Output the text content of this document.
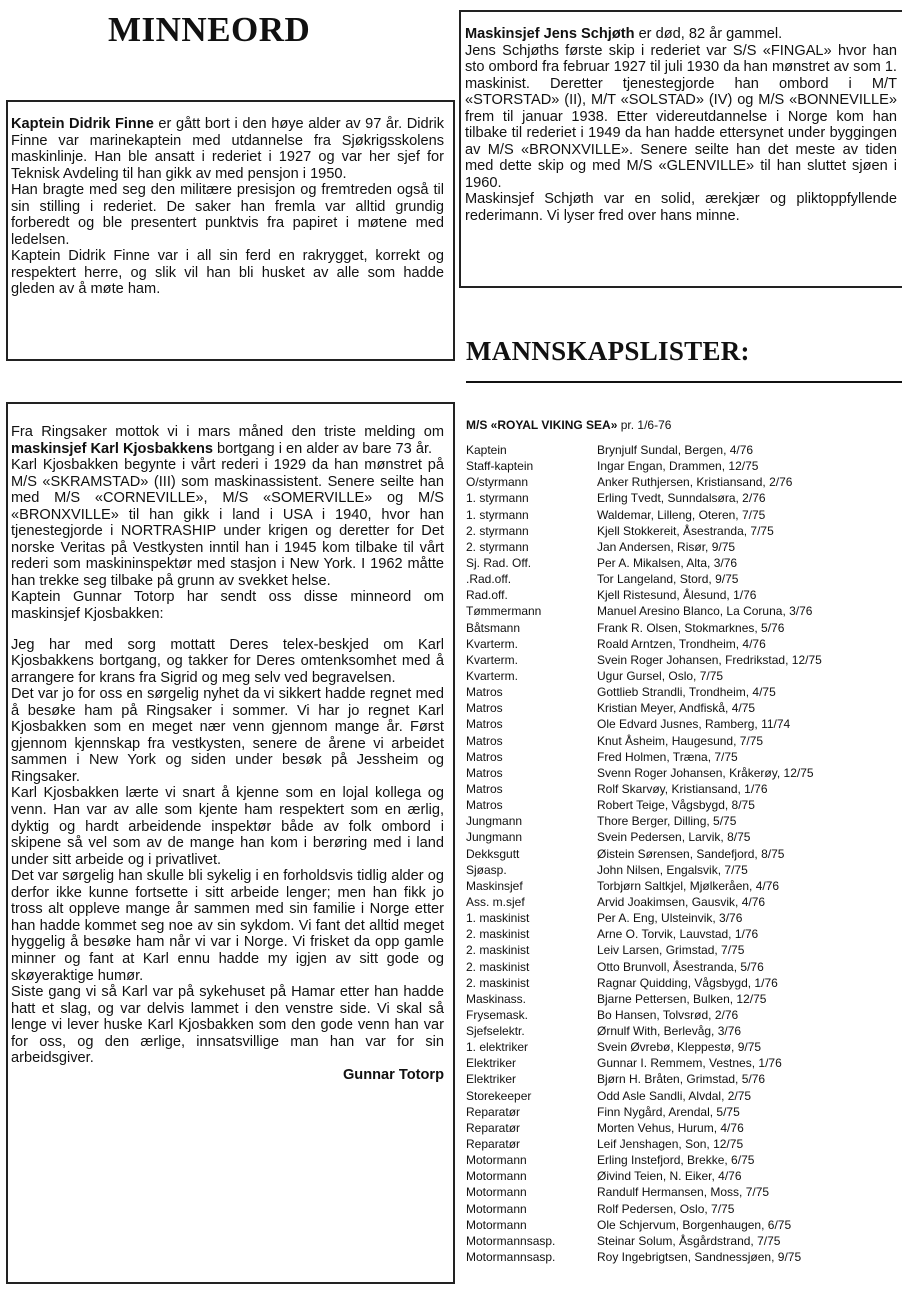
MINNEORD
MANNSKAPSLISTER:

Kaptein Didrik Finne er gått bort i den høye alder av 97 år. Didrik Finne var marinekaptein med utdannelse fra Sjøkrigsskolens maskinlinje. Han ble ansatt i rederiet i 1927 og var her sjef for Teknisk Avdeling til han gikk av med pensjon i 1950.

Han bragte med seg den militære presisjon og fremtreden også til sin stilling i rederiet. De saker han fremla var alltid grundig forberedt og ble presentert punktvis fra papiret i møtene med ledelsen.

Kaptein Didrik Finne var i all sin ferd en rakrygget, korrekt og respektert herre, og slik vil han bli husket av alle som hadde gleden av å møte ham.

Maskinsjef Jens Schjøth er død, 82 år gammel.

Jens Schjøths første skip i rederiet var S/S «FINGAL» hvor han sto ombord fra februar 1927 til juli 1930 da han mønstret av som 1. maskinist. Deretter tjenestegjorde han ombord i M/T «STORSTAD» (II), M/T «SOLSTAD» (IV) og M/S «BONNEVILLE» frem til januar 1938. Etter videreutdannelse i Norge kom han tilbake til rederiet i 1949 da han hadde ettersynet under byggingen av M/S «BRONXVILLE». Senere seilte han det meste av tiden med dette skip og med M/S «GLENVILLE» til han sluttet sjøen i 1960.

Maskinsjef Schjøth var en solid, ærekjær og pliktoppfyllende rederimann. Vi lyser fred over hans minne.

Fra Ringsaker mottok vi i mars måned den triste melding om maskinsjef Karl Kjosbakkens bortgang i en alder av bare 73 år.

Karl Kjosbakken begynte i vårt rederi i 1929 da han mønstret på M/S «SKRAMSTAD» (III) som maskinassistent. Senere seilte han med M/S «CORNEVILLE», M/S «SOMERVILLE» og M/S «BRONXVILLE» til han gikk i land i USA i 1940, hvor han tjenestegjorde i NORTRASHIP under krigen og deretter for Det norske Veritas på Vestkysten inntil han i 1945 kom tilbake til vårt rederi som maskininspektør med stasjon i New York. I 1962 måtte han trekke seg tilbake på grunn av svekket helse.

Kaptein Gunnar Totorp har sendt oss disse minneord om maskinsjef Kjosbakken:

Jeg har med sorg mottatt Deres telex-beskjed om Karl Kjosbakkens bortgang, og takker for Deres omtenksomhet med å arrangere for krans fra Sigrid og meg selv ved begravelsen.

Det var jo for oss en sørgelig nyhet da vi sikkert hadde regnet med å besøke ham på Ringsaker i sommer. Vi har jo regnet Karl Kjosbakken som en meget nær venn gjennom mange år. Først gjennom kjennskap fra vestkysten, senere de årene vi arbeidet sammen i New York og siden under besøk på Jessheim og Ringsaker.

Karl Kjosbakken lærte vi snart å kjenne som en lojal kollega og venn. Han var av alle som kjente ham respektert som en ærlig, dyktig og hardt arbeidende inspektør både av folk ombord i skipene så vel som av de mange han kom i berøring med i land under sitt arbeide og i privatlivet.

Det var sørgelig han skulle bli sykelig i en forholdsvis tidlig alder og derfor ikke kunne fortsette i sitt arbeide lenger; men han fikk jo tross alt oppleve mange år sammen med sin familie i Norge etter han hadde kommet seg noe av sin sykdom. Vi fant det alltid meget hyggelig å besøke ham når vi var i Norge. Vi frisket da opp gamle minner og fant at Karl ennu hadde my igjen av sitt gode og skøyeraktige humør.

Siste gang vi så Karl var på sykehuset på Hamar etter han hadde hatt et slag, og var delvis lammet i den venstre side. Vi skal så lenge vi lever huske Karl Kjosbakken som den gode venn han var for oss, og den ærlige, innsatsvillige man han var for sin arbeidsgiver.

Gunnar Totorp

M/S «ROYAL VIKING SEA» pr. 1/6-76

Kaptein	Brynjulf Sundal, Bergen, 4/76
Staff-kaptein	Ingar Engan, Drammen, 12/75
O/styrmann	Anker Ruthjersen, Kristiansand, 2/76
1. styrmann	Erling Tvedt, Sunndalsøra, 2/76
1. styrmann	Waldemar, Lilleng, Oteren, 7/75
2. styrmann	Kjell Stokkereit, Åsestranda, 7/75
2. styrmann	Jan Andersen, Risør, 9/75
Sj. Rad. Off.	Per A. Mikalsen, Alta, 3/76
.Rad.off.	Tor Langeland, Stord, 9/75
Rad.off.	Kjell Ristesund, Ålesund, 1/76
Tømmermann	Manuel Aresino Blanco, La Coruna, 3/76
Båtsmann	Frank R. Olsen, Stokmarknes, 5/76
Kvarterm.	Roald Arntzen, Trondheim, 4/76
Kvarterm.	Svein Roger Johansen, Fredrikstad, 12/75
Kvarterm.	Ugur Gursel, Oslo, 7/75
Matros	Gottlieb Strandli, Trondheim, 4/75
Matros	Kristian Meyer, Andfiskå, 4/75
Matros	Ole Edvard Jusnes, Ramberg, 11/74
Matros	Knut Åsheim, Haugesund, 7/75
Matros	Fred Holmen, Træna, 7/75
Matros	Svenn Roger Johansen, Kråkerøy, 12/75
Matros	Rolf Skarvøy, Kristiansand, 1/76
Matros	Robert Teige, Vågsbygd, 8/75
Jungmann	Thore Berger, Dilling, 5/75
Jungmann	Svein Pedersen, Larvik, 8/75
Dekksgutt	Øistein Sørensen, Sandefjord, 8/75
Sjøasp.	John Nilsen, Engalsvik, 7/75
Maskinsjef	Torbjørn Saltkjel, Mjølkeråen, 4/76
Ass. m.sjef	Arvid Joakimsen, Gausvik, 4/76
1. maskinist	Per A. Eng, Ulsteinvik, 3/76
2. maskinist	Arne O. Torvik, Lauvstad, 1/76
2. maskinist	Leiv Larsen, Grimstad, 7/75
2. maskinist	Otto Brunvoll, Åsestranda, 5/76
2. maskinist	Ragnar Quidding, Vågsbygd, 1/76
Maskinass.	Bjarne Pettersen, Bulken, 12/75
Frysemask.	Bo Hansen, Tolvsrød, 2/76
Sjefselektr.	Ørnulf With, Berlevåg, 3/76
1. elektriker	Svein Øvrebø, Kleppestø, 9/75
Elektriker	Gunnar I. Remmem, Vestnes, 1/76
Elektriker	Bjørn H. Bråten, Grimstad, 5/76
Storekeeper	Odd Asle Sandli, Alvdal, 2/75
Reparatør	Finn Nygård, Arendal, 5/75
Reparatør	Morten Vehus, Hurum, 4/76
Reparatør	Leif Jenshagen, Son, 12/75
Motormann	Erling Instefjord, Brekke, 6/75
Motormann	Øivind Teien, N. Eiker, 4/76
Motormann	Randulf Hermansen, Moss, 7/75
Motormann	Rolf Pedersen, Oslo, 7/75
Motormann	Ole Schjervum, Borgenhaugen, 6/75
Motormannsasp.	Steinar Solum, Åsgårdstrand, 7/75
Motormannsasp.	Roy Ingebrigtsen, Sandnessjøen, 9/75
